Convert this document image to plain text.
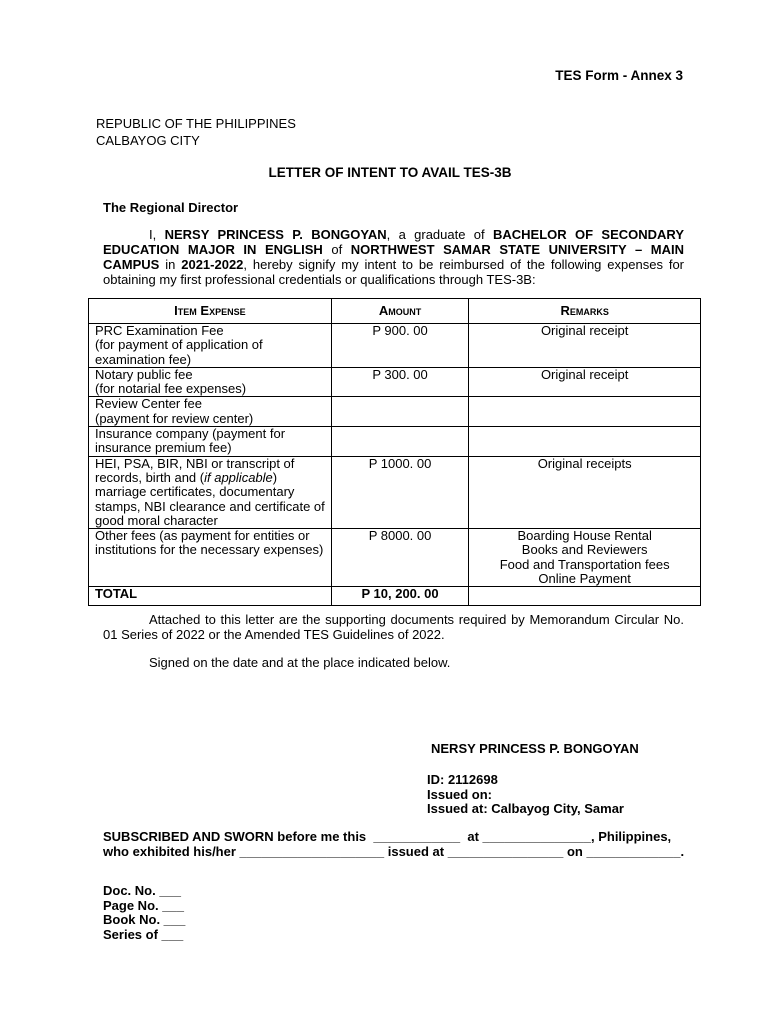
TES Form - Annex 3
REPUBLIC OF THE PHILIPPINES
CALBAYOG CITY
LETTER OF INTENT TO AVAIL TES-3B
The Regional Director

I, NERSY PRINCESS P. BONGOYAN, a graduate of BACHELOR OF SECONDARY EDUCATION MAJOR IN ENGLISH of NORTHWEST SAMAR STATE UNIVERSITY – MAIN CAMPUS in 2021-2022, hereby signify my intent to be reimbursed of the following expenses for obtaining my first professional credentials or qualifications through TES-3B:

Item Expense	Amount	Remarks

PRC Examination Fee
(for payment of application of
examination fee)	P 900. 00	Original receipt

Notary public fee
(for notarial fee expenses)	P 300. 00	Original receipt

Review Center fee
(payment for review center)		

Insurance company (payment for
insurance premium fee)		

HEI, PSA, BIR, NBI or transcript of
records, birth and (if applicable)
marriage certificates, documentary
stamps, NBI clearance and certificate of
good moral character	P 1000. 00	Original receipts

Other fees (as payment for entities or
institutions for the necessary expenses)	P 8000. 00	Boarding House Rental
Books and Reviewers
Food and Transportation fees
Online Payment

TOTAL	P 10, 200. 00	

Attached to this letter are the supporting documents required by Memorandum Circular No. 01 Series of 2022 or the Amended TES Guidelines of 2022.

Signed on the date and at the place indicated below.
NERSY PRINCESS P. BONGOYAN
ID: 2112698
Issued on:
Issued at: Calbayog City, Samar
SUBSCRIBED AND SWORN before me this  ____________  at _______________, Philippines,
who exhibited his/her ____________________ issued at ________________ on _____________.
Doc. No. ___
Page No. ___
Book No. ___
Series of ___
